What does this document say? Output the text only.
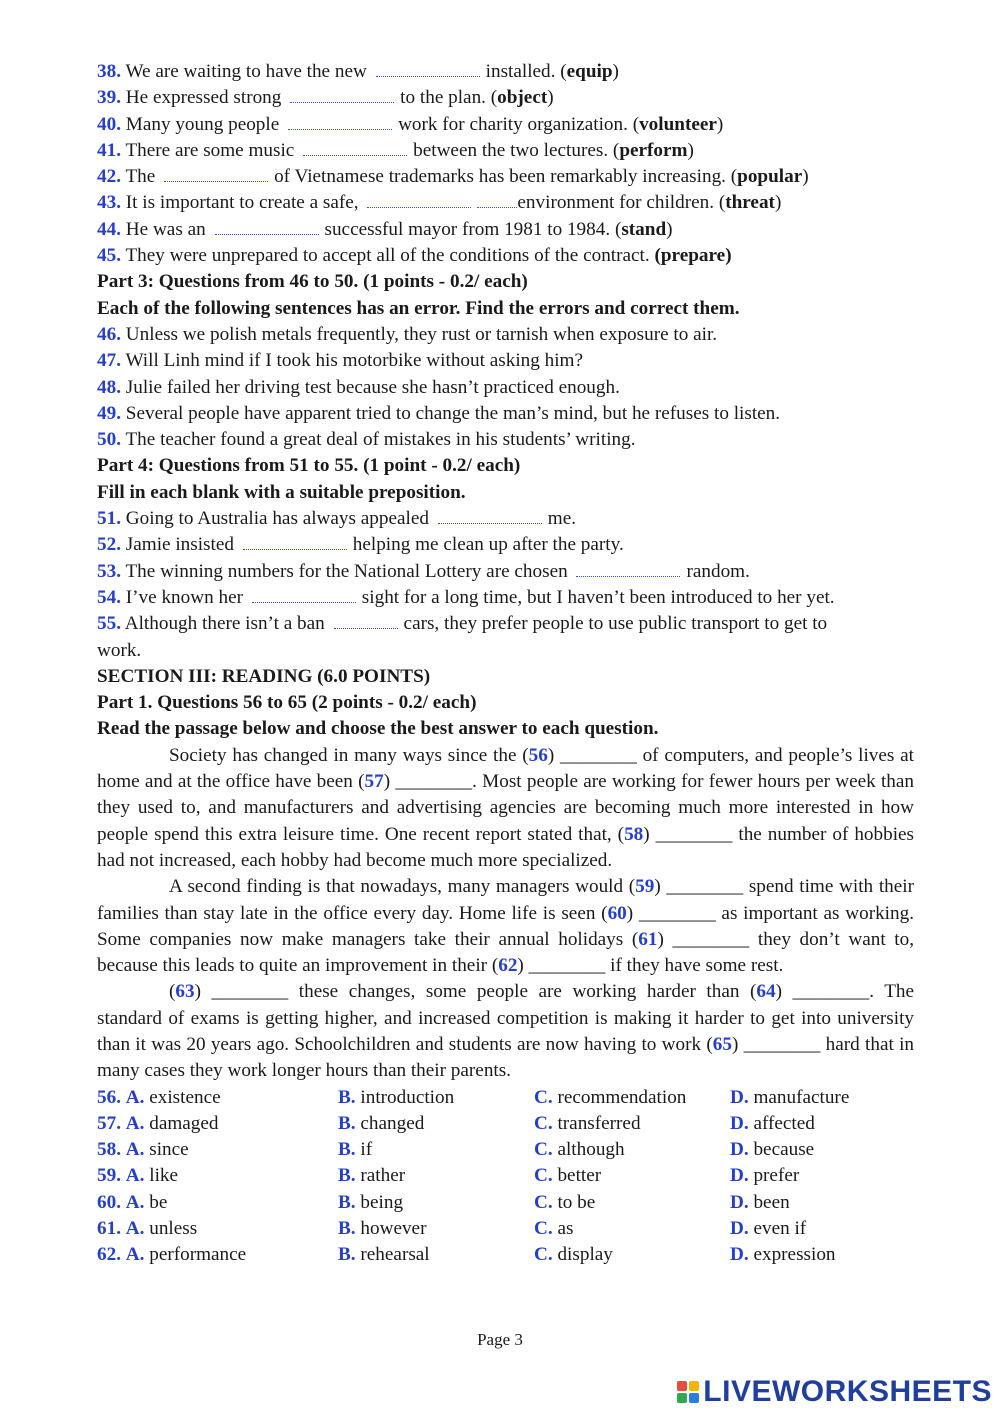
38. We are waiting to have the new	installed. (equip)
39. He expressed strong	to the plan. (object)
40. Many young people	work for charity organization. (volunteer)
41. There are some music	between the two lectures. (perform)
42. The	of Vietnamese trademarks has been remarkably increasing. (popular)
43. It is important to create a safe,	environment for children. (threat)
44. He was an	successful mayor from 1981 to 1984. (stand)
45. They were unprepared to accept all of the conditions of the contract. (prepare)
Part 3: Questions from 46 to 50. (1 points - 0.2/ each)
Each of the following sentences has an error. Find the errors and correct them.
46. Unless we polish metals frequently, they rust or tarnish when exposure to air.
47. Will Linh mind if I took his motorbike without asking him?
48. Julie failed her driving test because she hasn’t practiced enough.
49. Several people have apparent tried to change the man’s mind, but he refuses to listen.
50. The teacher found a great deal of mistakes in his students’ writing.
Part 4: Questions from 51 to 55. (1 point - 0.2/ each)
Fill in each blank with a suitable preposition.
51. Going to Australia has always appealed	me.
52. Jamie insisted	helping me clean up after the party.
53. The winning numbers for the National Lottery are chosen	random.
54. I’ve known her	sight for a long time, but I haven’t been introduced to her yet.
55. Although there isn’t a ban	cars, they prefer people to use public transport to get to
work.
SECTION III: READING (6.0 POINTS)
Part 1. Questions 56 to 65 (2 points - 0.2/ each)
Read the passage below and choose the best answer to each question.
Society has changed in many ways since the (56) ________ of computers, and people’s lives at home and at the office have been (57) ________. Most people are working for fewer hours per week than they used to, and manufacturers and advertising agencies are becoming much more interested in how people spend this extra leisure time. One recent report stated that, (58) ________ the number of hobbies had not increased, each hobby had become much more specialized.
A second finding is that nowadays, many managers would (59) ________ spend time with their families than stay late in the office every day. Home life is seen (60) ________ as important as working. Some companies now make managers take their annual holidays (61) ________ they don’t want to, because this leads to quite an improvement in their (62) ________ if they have some rest.
(63) ________ these changes, some people are working harder than (64) ________. The standard of exams is getting higher, and increased competition is making it harder to get into university than it was 20 years ago. Schoolchildren and students are now having to work (65) ________ hard that in many cases they work longer hours than their parents.
56. A. existence	B. introduction	C. recommendation	D. manufacture
57. A. damaged	B. changed	C. transferred	D. affected
58. A. since	B. if	C. although	D. because
59. A. like	B. rather	C. better	D. prefer
60. A. be	B. being	C. to be	D. been
61. A. unless	B. however	C. as	D. even if
62. A. performance	B. rehearsal	C. display	D. expression
Page 3
LIVEWORKSHEETS
